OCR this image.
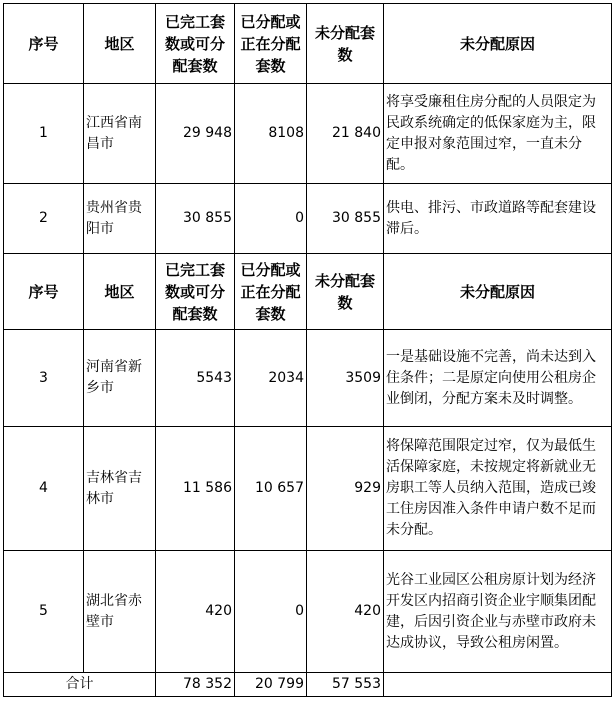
序号	地区	已完工套数或可分配套数	已分配或正在分配套数	未分配套数	未分配原因
1	江西省南昌市	29 948	8108	21 840	将享受廉租住房分配的人员限定为民政系统确定的低保家庭为主，限定申报对象范围过窄，一直未分配。
2	贵州省贵阳市	30 855	0	30 855	供电、排污、市政道路等配套建设滞后。
序号	地区	已完工套数或可分配套数	已分配或正在分配套数	未分配套数	未分配原因
3	河南省新乡市	5543	2034	3509	一是基础设施不完善，尚未达到入住条件；二是原定向使用公租房企业倒闭，分配方案未及时调整。
4	吉林省吉林市	11 586	10 657	929	将保障范围限定过窄，仅为最低生活保障家庭，未按规定将新就业无房职工等人员纳入范围，造成已竣工住房因准入条件申请户数不足而未分配。
5	湖北省赤壁市	420	0	420	光谷工业园区公租房原计划为经济开发区内招商引资企业宇顺集团配建，后因引资企业与赤壁市政府未达成协议，导致公租房闲置。
合计		78 352	20 799	57 553	
